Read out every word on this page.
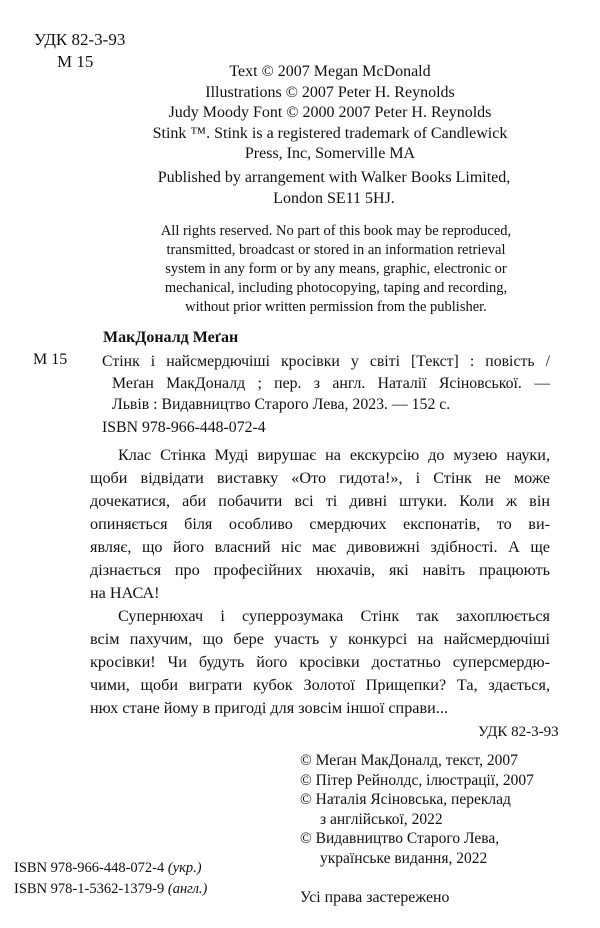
УДК 82-3-93
М 15
Text © 2007 Megan McDonald
Illustrations © 2007 Peter H. Reynolds
Judy Moody Font © 2000 2007 Peter H. Reynolds
Stink ™. Stink is a registered trademark of Candlewick
Press, Inc, Somerville MA
Published by arrangement with Walker Books Limited,
London SE11 5HJ.
All rights reserved. No part of this book may be reproduced,
transmitted, broadcast or stored in an information retrieval
system in any form or by any means, graphic, electronic or
mechanical, including photocopying, taping and recording,
without prior written permission from the publisher.
МакДоналд Меґан
М 15 Стінк і найсмердючіші кросівки у світі [Текст] : повість /
Меґан МакДоналд ; пер. з англ. Наталії Ясіновської. —
Львів : Видавництво Старого Лева, 2023. — 152 с.
ISBN 978-966-448-072-4
Клас Стінка Муді вирушає на екскурсію до музею науки,
щоби відвідати виставку «Ото гидота!», і Стінк не може
дочекатися, аби побачити всі ті дивні штуки. Коли ж він
опиняється біля особливо смердючих експонатів, то ви-
являє, що його власний ніс має дивовижні здібності. А ще
дізнається про професійних нюхачів, які навіть працюють
на НАСА!
Супернюхач і суперрозумака Стінк так захоплюється
всім пахучим, що бере участь у конкурсі на найсмердючіші
кросівки! Чи будуть його кросівки достатньо суперсмердю-
чими, щоби виграти кубок Золотої Прищепки? Та, здається,
нюх стане йому в пригоді для зовсім іншої справи...
УДК 82-3-93
© Меґан МакДоналд, текст, 2007
© Пітер Рейнолдс, ілюстрації, 2007
© Наталія Ясіновська, переклад
з англійської, 2022
© Видавництво Старого Лева,
українське видання, 2022
ISBN 978-966-448-072-4 (укр.)
ISBN 978-1-5362-1379-9 (англ.)
Усі права застережено
